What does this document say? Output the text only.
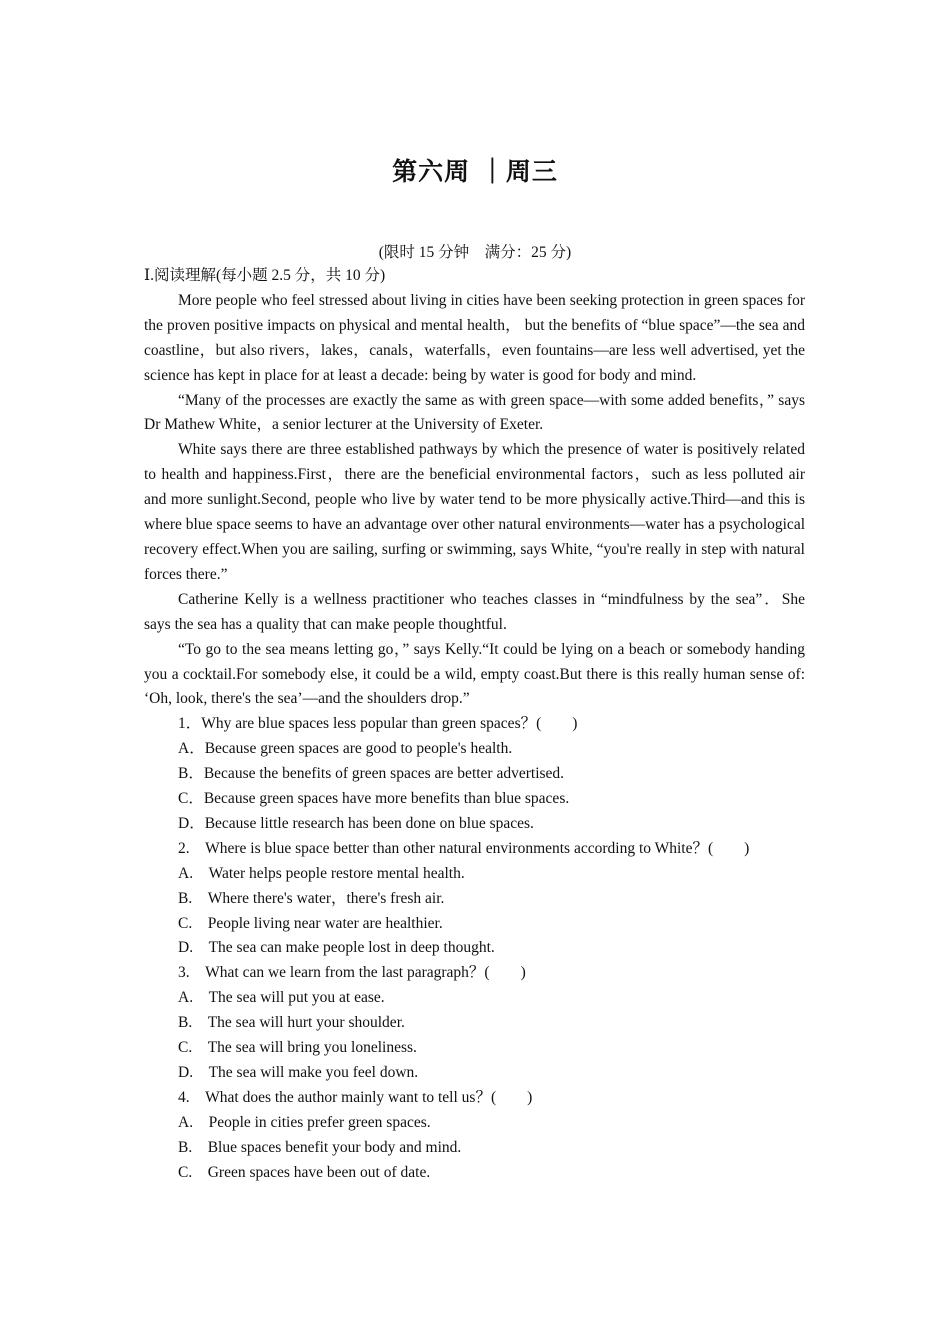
第六周 ｜周三
(限时 15 分钟　满分：25 分)

Ⅰ.阅读理解(每小题 2.5 分，共 10 分)

More people who feel stressed about living in cities have been seeking protection in green spaces for the proven positive impacts on physical and mental health， but the benefits of “blue space”—the sea and coastline，but also rivers，lakes，canals，waterfalls，even fountains—are less well advertised, yet the science has kept in place for at least a decade: being by water is good for body and mind.

“Many of the processes are exactly the same as with green space—with some added benefits，” says Dr Mathew White，a senior lecturer at the University of Exeter.

White says there are three established pathways by which the presence of water is positively related to health and happiness.First，there are the beneficial environmental factors，such as less polluted air and more sunlight.Second, people who live by water tend to be more physically active.Third—and this is where blue space seems to have an advantage over other natural environments—water has a psychological recovery effect.When you are sailing, surfing or swimming, says White, “you're really in step with natural forces there.”

Catherine Kelly is a wellness practitioner who teaches classes in “mindfulness by the sea”．She says the sea has a quality that can make people thoughtful.

“To go to the sea means letting go，” says Kelly.“It could be lying on a beach or somebody handing you a cocktail.For somebody else, it could be a wild, empty coast.But there is this really human sense of: ‘Oh, look, there's the sea’—and the shoulders drop.”

1．Why are blue spaces less popular than green spaces？(　　)

A．Because green spaces are good to people's health.

B．Because the benefits of green spaces are better advertised.

C．Because green spaces have more benefits than blue spaces.

D．Because little research has been done on blue spaces.

2.　Where is blue space better than other natural environments according to White？(　　)

A.　Water helps people restore mental health.

B.　Where there's water，there's fresh air.

C.　People living near water are healthier.

D.　The sea can make people lost in deep thought.

3.　What can we learn from the last paragraph？(　　)

A.　The sea will put you at ease.

B.　The sea will hurt your shoulder.

C.　The sea will bring you loneliness.

D.　The sea will make you feel down.

4.　What does the author mainly want to tell us？(　　)

A.　People in cities prefer green spaces.

B.　Blue spaces benefit your body and mind.

C.　Green spaces have been out of date.
